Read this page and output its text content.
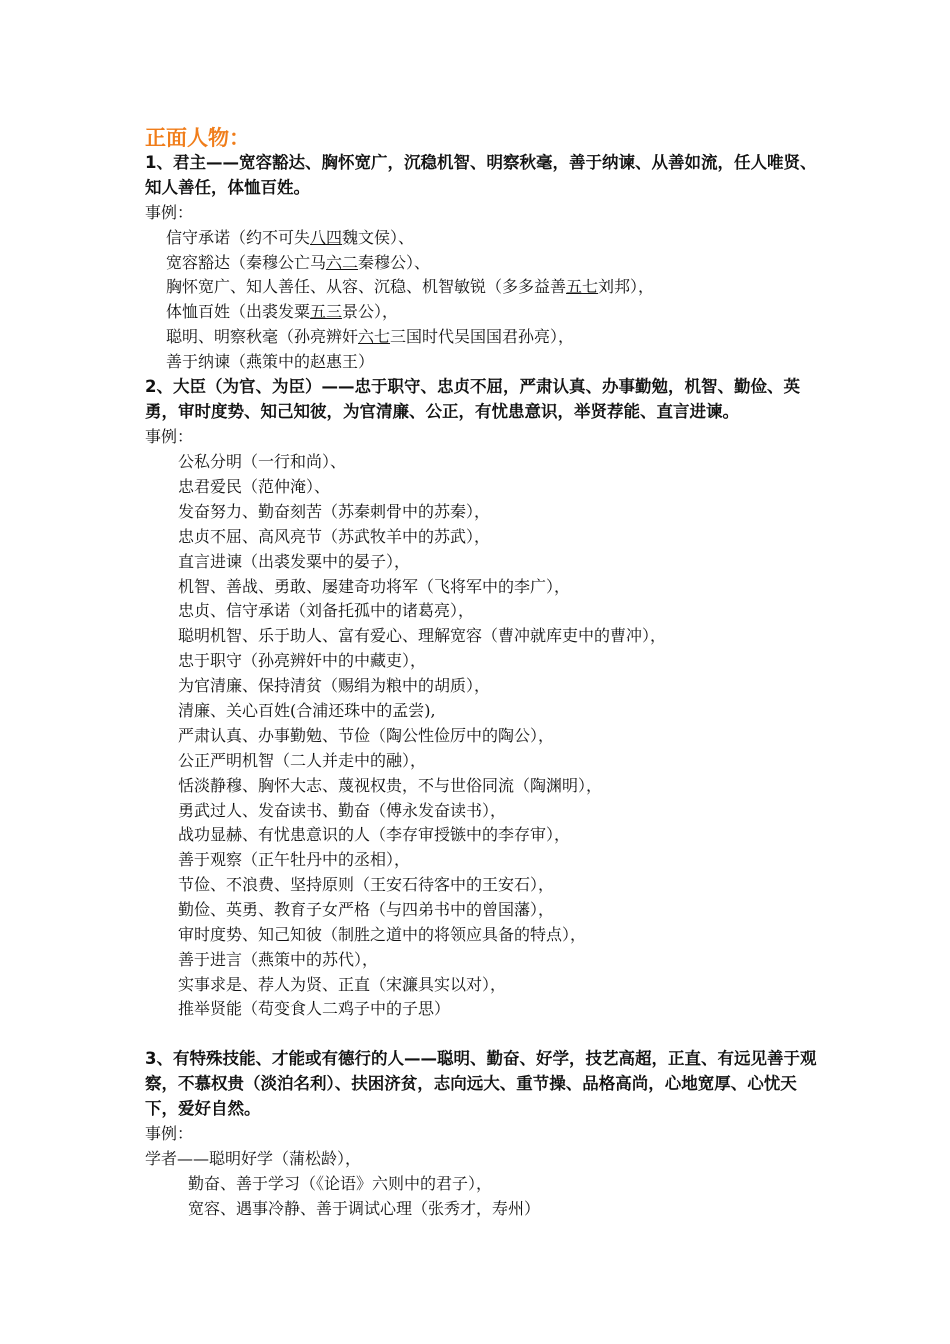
正面人物：
1、君主——宽容豁达、胸怀宽广，沉稳机智、明察秋毫，善于纳谏、从善如流，任人唯贤、知人善任，体恤百姓。
事例：
信守承诺（约不可失八四魏文侯）、
宽容豁达（秦穆公亡马六二秦穆公）、
胸怀宽广、知人善任、从容、沉稳、机智敏锐（多多益善五七刘邦），
体恤百姓（出裘发粟五三景公），
聪明、明察秋毫（孙亮辨奸六七三国时代吴国国君孙亮），
善于纳谏（燕策中的赵惠王）
2、大臣（为官、为臣）——忠于职守、忠贞不屈，严肃认真、办事勤勉，机智、勤俭、英勇，审时度势、知己知彼，为官清廉、公正，有忧患意识，举贤荐能、直言进谏。
事例：
公私分明（一行和尚）、
忠君爱民（范仲淹）、
发奋努力、勤奋刻苦（苏秦刺骨中的苏秦），
忠贞不屈、高风亮节（苏武牧羊中的苏武），
直言进谏（出裘发粟中的晏子），
机智、善战、勇敢、屡建奇功将军（飞将军中的李广），
忠贞、信守承诺（刘备托孤中的诸葛亮），
聪明机智、乐于助人、富有爱心、理解宽容（曹冲就库吏中的曹冲），
忠于职守（孙亮辨奸中的中藏吏），
为官清廉、保持清贫（赐绢为粮中的胡质），
清廉、关心百姓(合浦还珠中的孟尝),
严肃认真、办事勤勉、节俭（陶公性俭厉中的陶公），
公正严明机智（二人并走中的融），
恬淡静穆、胸怀大志、蔑视权贵，不与世俗同流（陶渊明），
勇武过人、发奋读书、勤奋（傅永发奋读书），
战功显赫、有忧患意识的人（李存审授镞中的李存审），
善于观察（正午牡丹中的丞相），
节俭、不浪费、坚持原则（王安石待客中的王安石），
勤俭、英勇、教育子女严格（与四弟书中的曾国藩），
审时度势、知己知彼（制胜之道中的将领应具备的特点），
善于进言（燕策中的苏代），
实事求是、荐人为贤、正直（宋濂具实以对），
推举贤能（苟变食人二鸡子中的子思）
3、有特殊技能、才能或有德行的人——聪明、勤奋、好学，技艺高超，正直、有远见善于观察，不慕权贵（淡泊名利）、扶困济贫，志向远大、重节操、品格高尚，心地宽厚、心忧天下，爱好自然。
事例：
学者——聪明好学（蒲松龄），
勤奋、善于学习（《论语》六则中的君子），
宽容、遇事冷静、善于调试心理（张秀才，寿州）
